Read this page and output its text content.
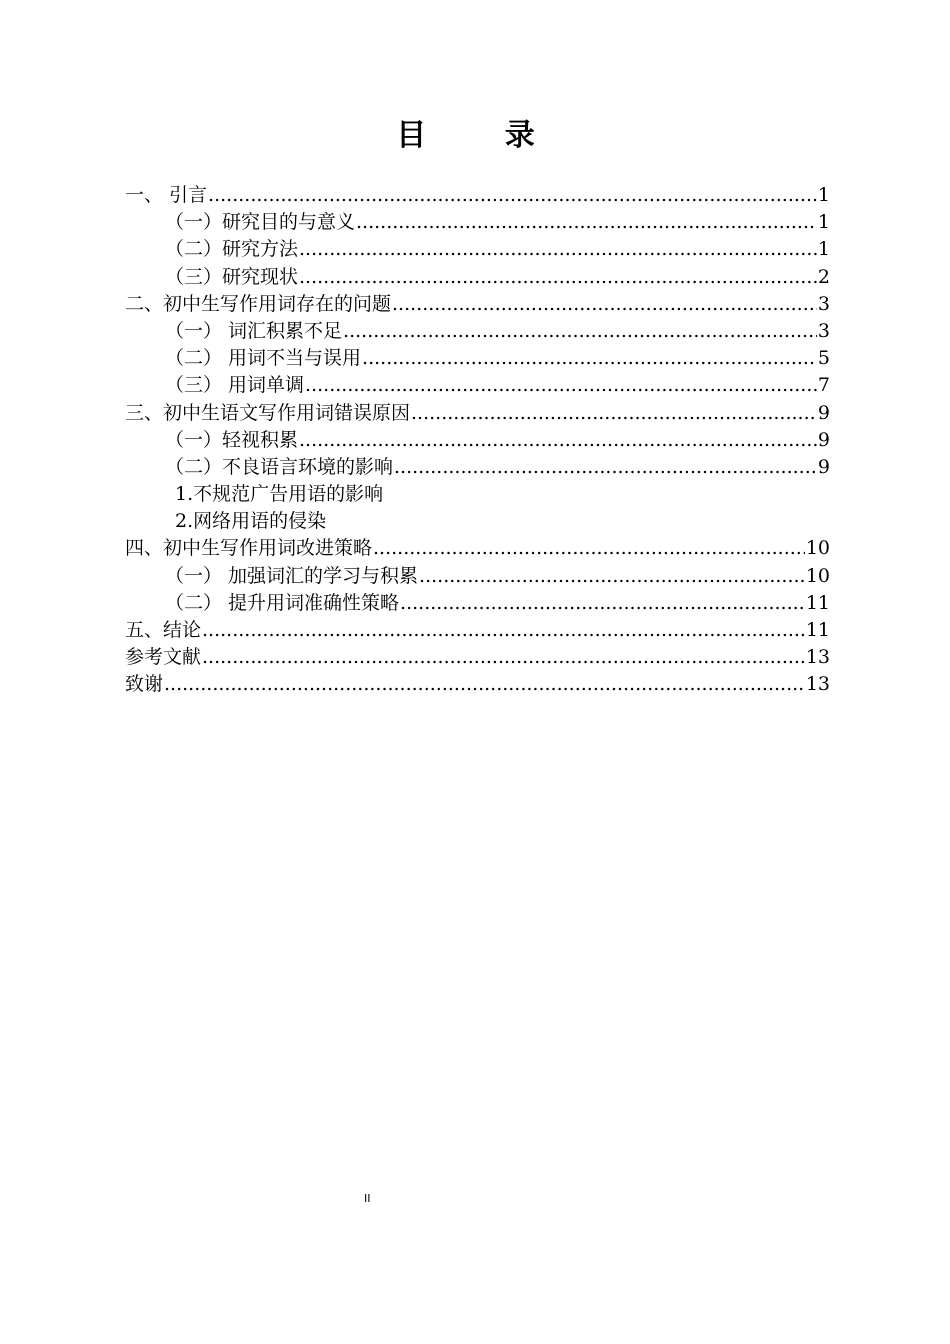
目 录
一、 引言 .....	1
（一）研究目的与意义 .....	1
（二）研究方法 .....	1
（三）研究现状 .....	2
二、初中生写作用词存在的问题 .....	3
（一） 词汇积累不足 .....	3
（二） 用词不当与误用 .....	5
（三） 用词单调 .....	7
三、初中生语文写作用词错误原因 .....	9
（一）轻视积累 .....	9
（二）不良语言环境的影响 .....	9
1.不规范广告用语的影响
2.网络用语的侵染
四、初中生写作用词改进策略 .....	10
（一） 加强词汇的学习与积累 .....	10
（二） 提升用词准确性策略 .....	11
五、结论 .....	11
参考文献 .....	13
致谢 .....	13
II
